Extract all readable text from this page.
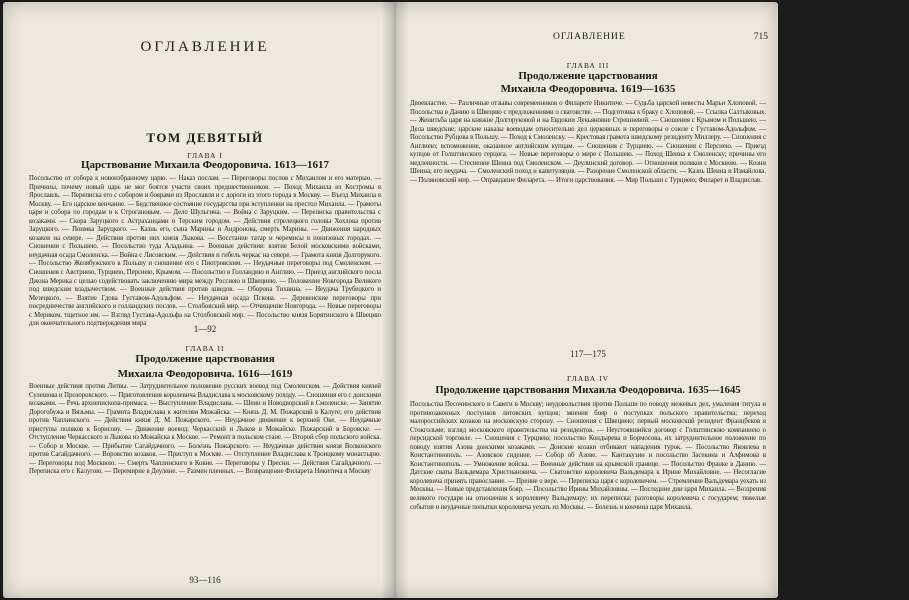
ОГЛАВЛЕНИЕ
ТОМ ДЕВЯТЫЙ

ГЛАВА I

Царствование Михаила Феодоровича. 1613—1617

Посольство от собора к новоизбранному царю. — Наказ послам. — Переговоры послов с Михаилом и его матерью. — Причины, почему новый царь не мог боятся участи своих предшественников. — Поход Михаила из Костромы в Ярославль. — Переписка его с собором и боярами из Ярославля и с дороги из этого города в Москву. — Въезд Михаила в Москву. — Его царское венчание. — Бедственное состояние государства при вступлении на престол Михаила. — Грамоты царя и собора по городам и к Строгановым. — Дело Шульгина. — Война с Заруцким. — Переписка правительства с козаками. — Скора Заруцкого с Астраханцами и Терским городом. — Действия стрелецкого головы Хохлова против Заруцкого. — Поимка Заруцкого. — Казнь его, сына Марины и Андронова, смерть Марины. — Движения народных козаков на севере. — Действия против них князя Лыкова. — Восстание татар и черемисы в понизовых городах. — Сношения с Польшею. — Посольство туда Аладьина. — Военные действия: взятие Белой московскими войсками, неудачная осада Смоленска. — Война с Лисовским. — Действия и гибель черкас на севере. — Грамота князя Долгорукого. — Посольство Желябужского в Польшу и сношение его с Пиотровским. — Неудачные переговоры под Смоленском. — Сношения с Австриею, Турциею, Персиею, Крымом. — Посольство в Голландию и Англию. — Приезд английского посла Джона Мерика с целью содействовать заключению мира между Россиею и Швециею. — Положение Новгорода Великого под шведским владычеством. — Военные действия против шведов. — Оборона Тихвина. — Неудача Трубецкого и Мезецкого. — Взятие Гдова Густавом-Адольфом. — Неудачная осада Пскова. — Деревенские переговоры при посредничестве английского и голландских послов. — Столбовский мир. — Отчищение Новгорода. — Новые переговоры с Мериком, тщетное им. — Взгляд Густава-Адольфа на Столбовский мир. — Посольство князя Борятинского в Швецию для окончательного подтверждения мира

1—92

ГЛАВА II

Продолжение царствования

Михаила Феодоровича. 1616—1619

Военные действия против Литвы. — Затруднительное положение русских воевод под Смоленском. — Действия князей Сулешова и Прозоровского. — Приготовления королевича Владислава к московскому походу. — Сношения его с донскими козаками. — Речь архиепископа-примаса. — Выступление Владислава. — Шеин и Новодворский в Смоленске. — Занятие Дорогобужа и Вязьмы. — Грамота Владислава к жителям Можайска. — Князь Д. М. Пожарский в Калуге; его действия против Чаплинского. — Действия князя Д. М. Пожарского. — Неудачное движение к верхней Оке. — Неудачные приступы поляков к Борисову. — Движение воевод: Черкасский и Лыков в Можайске. Пожарский в Боровске. — Отступление Черкасского и Лыкова из Можайска к Москве. — Ремонт в польском стане. — Второй сбор польского войска. — Собор в Москве. — Прибытие Сагайдачного. — Болезнь Пожарского. — Неудачные действия князя Волконского против Сагайдачного. — Воровство козаков. — Приступ к Москве. — Отступление Владислава к Троицкому монастырю. — Переговоры под Москвою. — Смерть Чаплинского в Ковне. — Переговоры у Пресни. — Действия Сагайдачного. — Переписка его с Калугою. — Перемирие в Деулине. — Размен пленных. — Возвращение Филарета Никитича в Москву

93—116

ОГЛАВЛЕНИЕ	715

ГЛАВА III

Продолжение царствования

Михаила Феодоровича. 1619—1635

Двоевластие. — Различные отзывы современников о Филарете Никитиче. — Судьба царской невесты Марьи Хлоповой. — Посольства в Данию и Швецию с предложениями о сватовстве. — Подготовка к браку с Хлоповой. — Ссылка Салтыковых. — Женитьба царя на княжне Долгоруковой и на Евдокии Лукьяновне Стрешневой. — Сношения с Крымом и Польшею. — Дела шведские; царские наказы воеводам относительно дел церковных и переговоры о союзе с Густавом-Адольфом. — Посольство Рубцова в Польшу. — Поход к Смоленску. — Крестовая грамота шведскому резиденту Миллеру. — Сношения с Англиею; вспоможение, оказанное английским купцам. — Сношения с Турциею. — Сношения с Персиею. — Приезд купцов от Голштинского герцога. — Новые переговоры о мире с Польшею. — Поход Шеина к Смоленску; причины его медленности. — Стеснение Шеина под Смоленском. — Деулинский договор. — Отношения поляков с Москвою. — Козни Шеина; его неудача. — Смоленский поход и капитуляция. — Разорение Смоленской области. — Казнь Шеина и Измайлова. — Поляновский мир. — Оправдание Филарета. — Итоги царствования. — Мир Польши с Турциею; Филарет и Владислав.

117—175

ГЛАВА IV

Продолжение царствования Михаила Феодоровича. 1635—1645

Посольства Песочинского и Савеги в Москву; неудовольствия против Польши по поводу межевых дел, умаления титула и противозаконных поступков литовских купцов; мнения бояр о поступках польского правительства; переход малороссийских козаков на московскую сторону. — Сношения с Швециею; первый московский резидент Францбеков в Стокгольме; взгляд московского правительства на резидентов. — Неустоявшийся договор с Голштинскою компаниею о персидской торговле. — Сношения с Турциею; посольство Кондырева и Бормосова, их затруднительное положение по поводу взятия Азова донскими козаками. — Донские козаки отбивают нападения турок. — Посольство Яковлева в Константинополь. — Азовское сидение. — Собор об Азове. — Кантакузин и посольство Засекина и Алфимова в Константинополь. — Умножение войска. — Военные действия на крымской границе. — Посольство Франке в Данию. — Датские сваты Вальдемара Христиановича. — Сватовство королевича Вальдемара к Ирине Михайловне. — Несогласие королевича принять православие. — Прение о вере. — Переписка царя с королевичем. — Стремление Вальдемара уехать из Москвы. — Новые представления бояр. — Посольство Ирины Михайловны. — Последние дни царя Михаила. — Воззрения великого государя на отношения к королевичу Вальдемару; их переписка; разговоры королевича с государем; тяжелые события и неудачные попытки королевича уехать из Москвы. — Болезнь и кончина царя Михаила.
